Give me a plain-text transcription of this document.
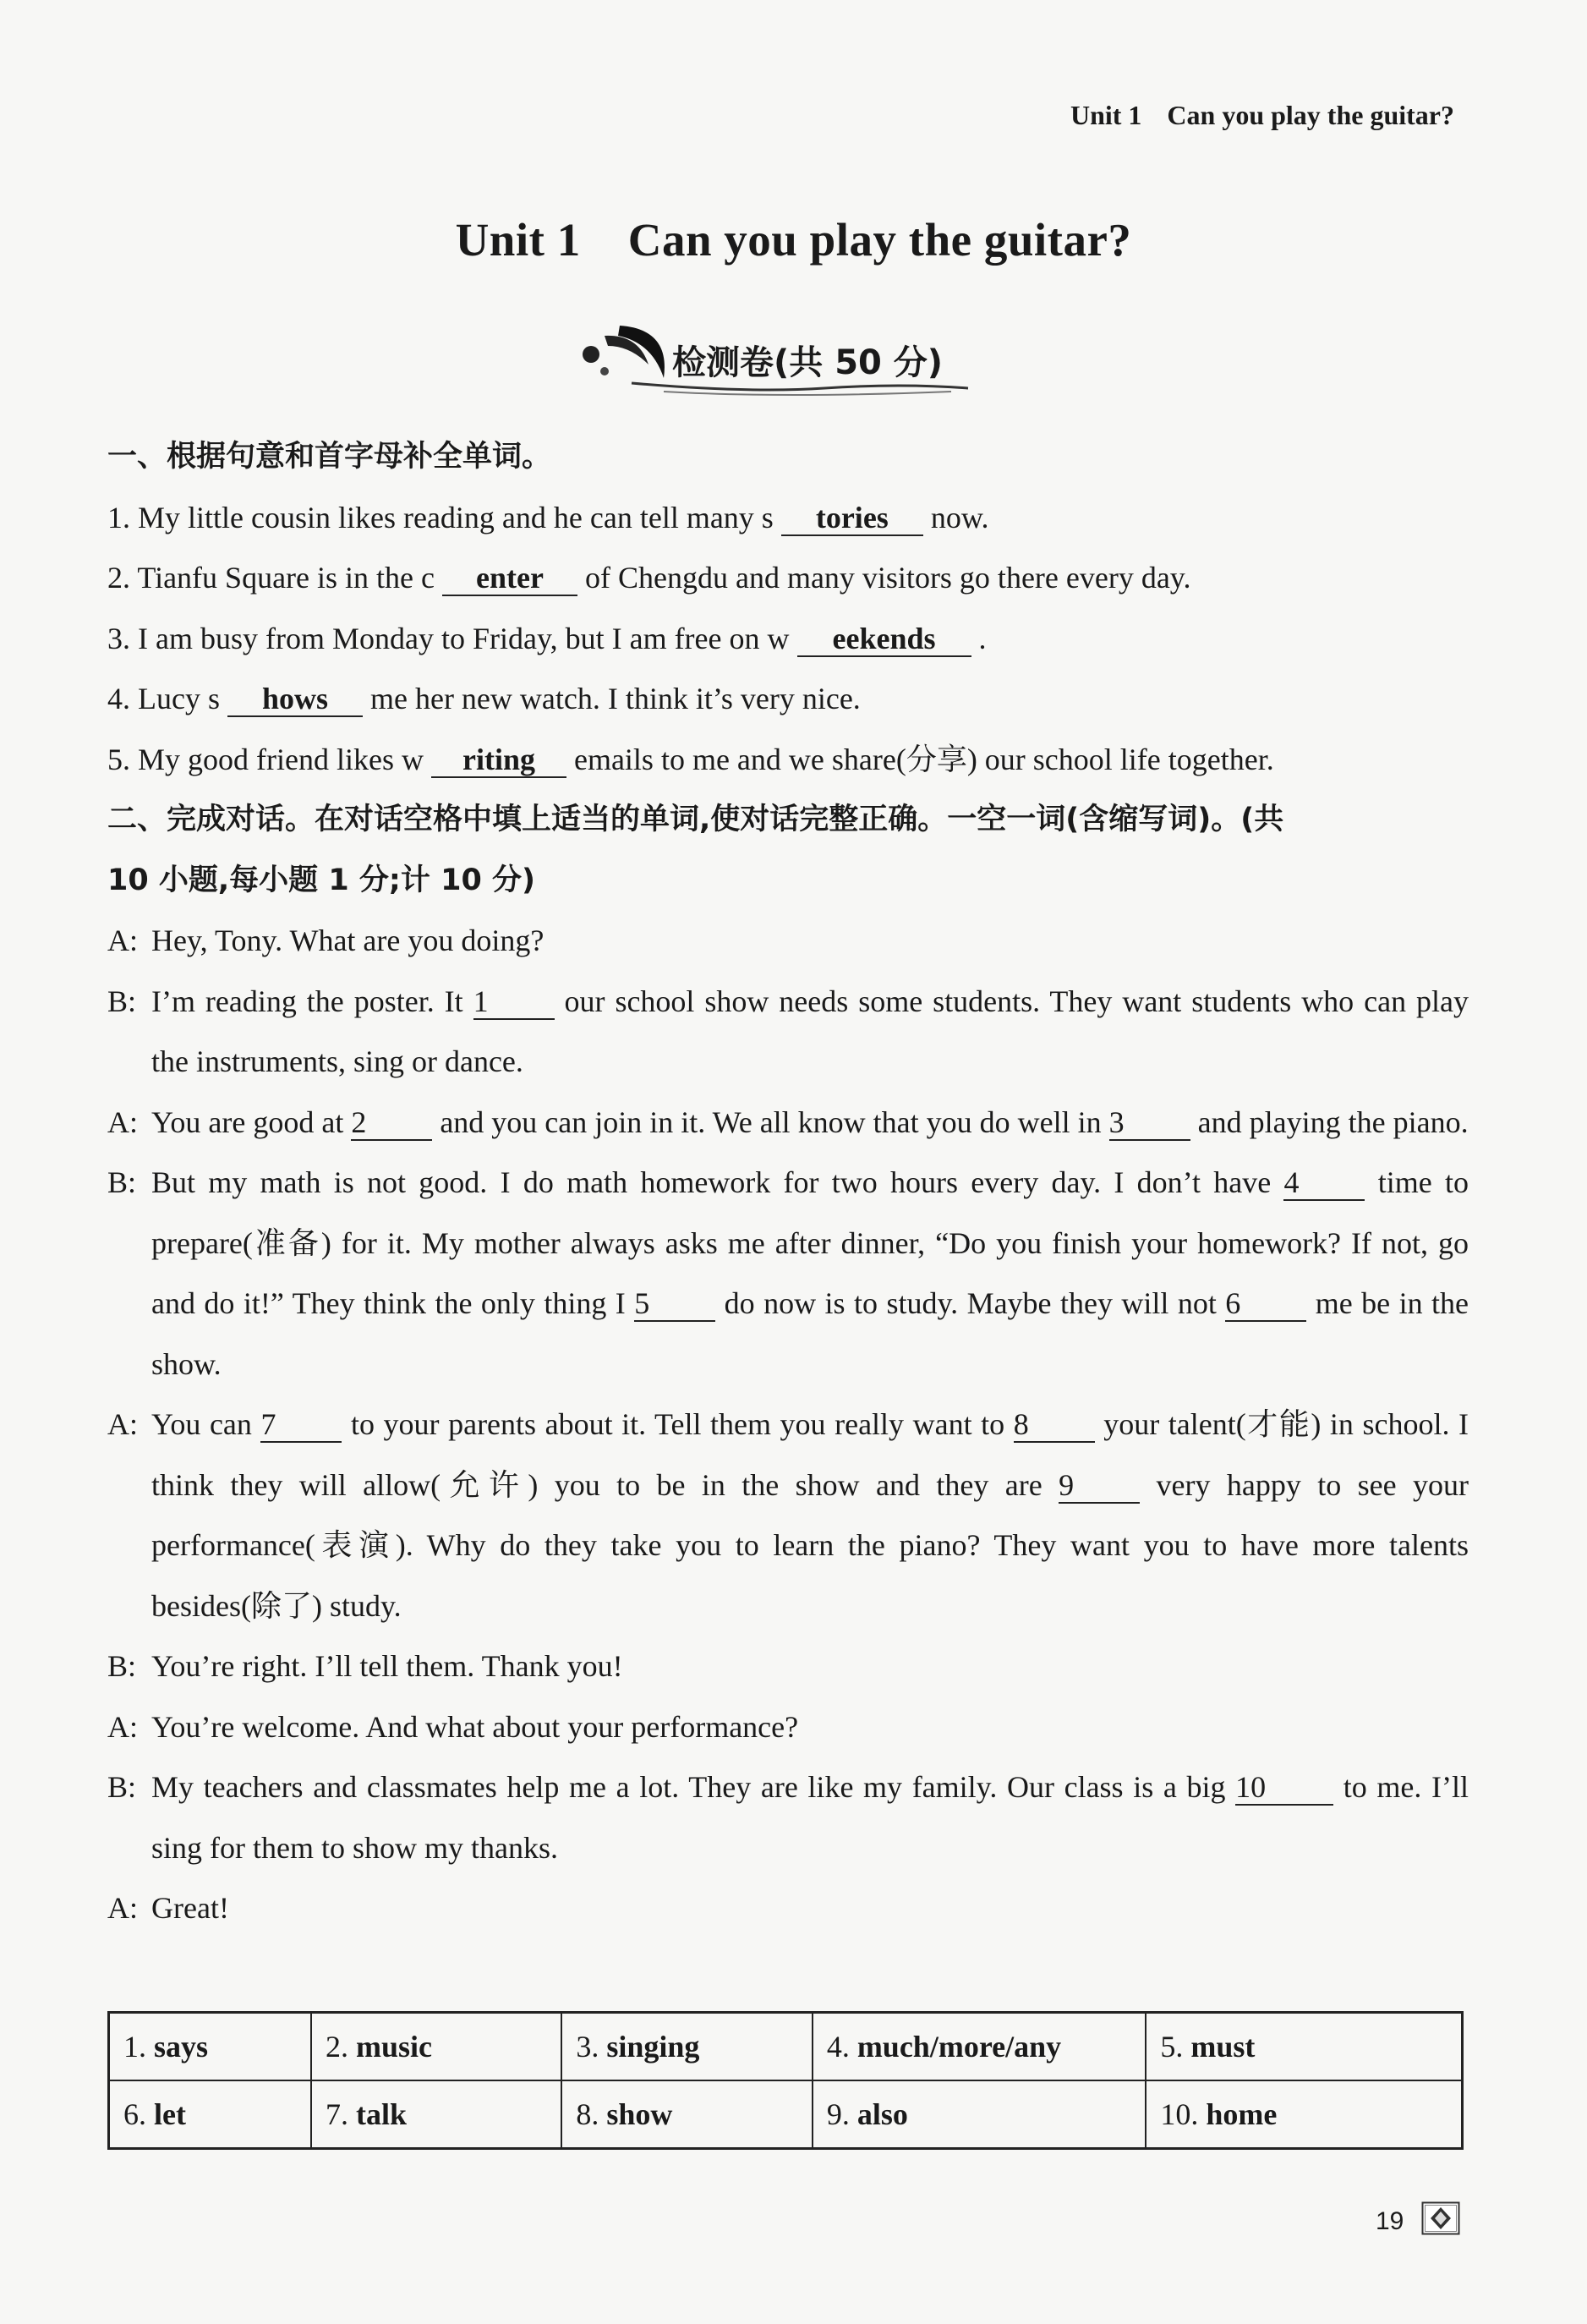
Unit 1 Can you play the guitar?
Unit 1 Can you play the guitar?
检测卷(共 50 分)
一、根据句意和首字母补全单词。
1. My little cousin likes reading and he can tell many s tories now.
2. Tianfu Square is in the c enter of Chengdu and many visitors go there every day.
3. I am busy from Monday to Friday, but I am free on w eekends .
4. Lucy s hows me her new watch. I think it’s very nice.
5. My good friend likes w riting emails to me and we share(分享) our school life together.
二、完成对话。在对话空格中填上适当的单词,使对话完整正确。一空一词(含缩写词)。(共
10 小题,每小题 1 分;计 10 分)
A: Hey, Tony. What are you doing?
B: I’m reading the poster. It 1 our school show needs some students. They want students who can play the instruments, sing or dance.
A: You are good at 2 and you can join in it. We all know that you do well in 3 and playing the piano.
B: But my math is not good. I do math homework for two hours every day. I don’t have 4 time to prepare(准备) for it. My mother always asks me after dinner, “Do you finish your homework? If not, go and do it!” They think the only thing I 5 do now is to study. Maybe they will not 6 me be in the show.
A: You can 7 to your parents about it. Tell them you really want to 8 your talent(才能) in school. I think they will allow(允许) you to be in the show and they are 9 very happy to see your performance(表演). Why do they take you to learn the piano? They want you to have more talents besides(除了) study.
B: You’re right. I’ll tell them. Thank you!
A: You’re welcome. And what about your performance?
B: My teachers and classmates help me a lot. They are like my family. Our class is a big 10 to me. I’ll sing for them to show my thanks.
A: Great!
1. says	2. music	3. singing	4. much/more/any	5. must
6. let	7. talk	8. show	9. also	10. home
19
